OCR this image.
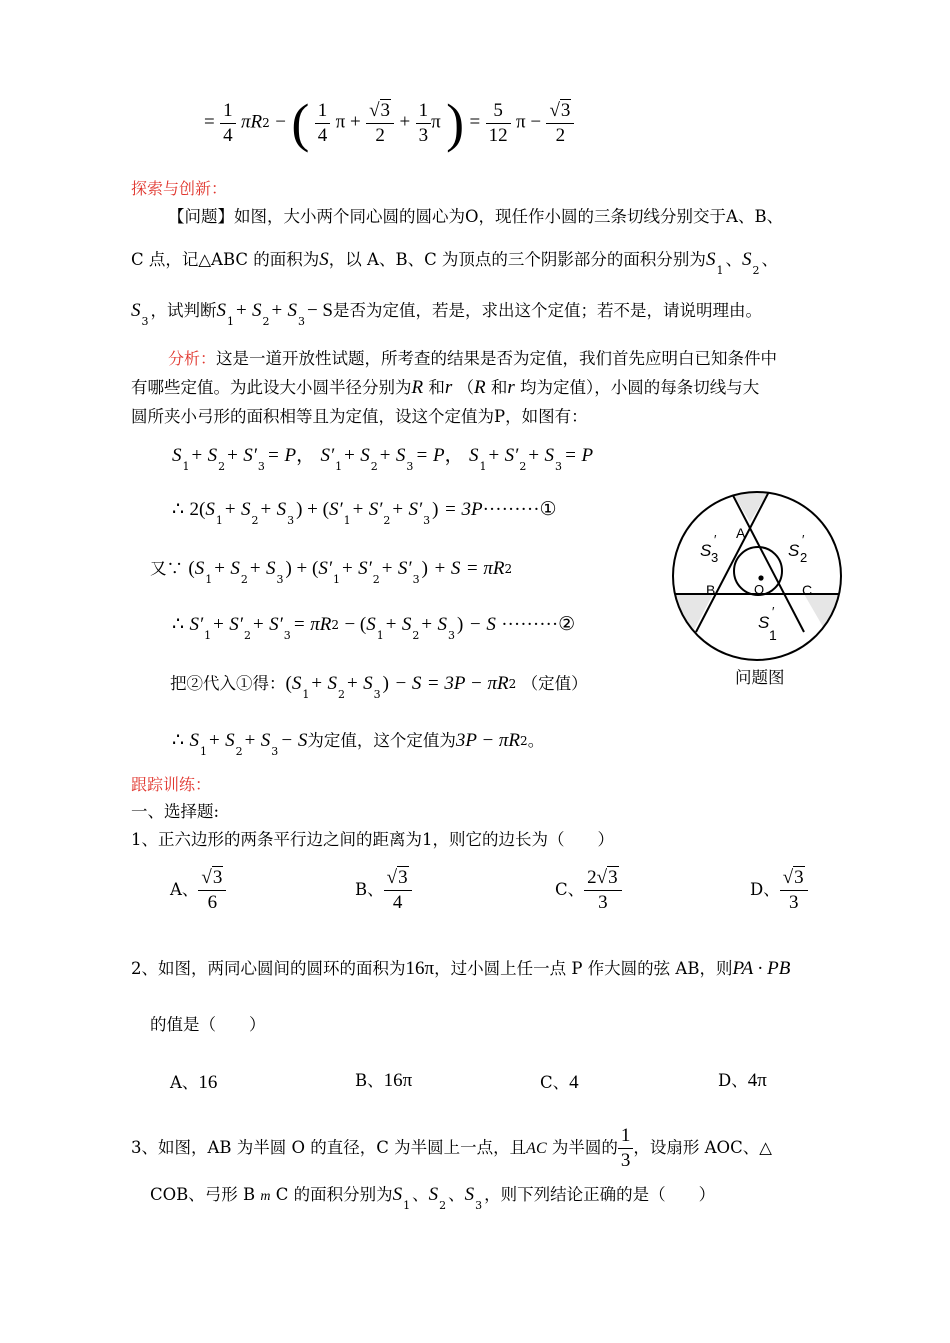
= $\frac{1}{4} \pi R2$ − ( $\frac{1}{4}$ $\pi + \frac{√3}{2} + \frac{1}{3}$ π ) = $\frac{5}{12}$ $\pi - \frac{√3}{2}$
探索与创新：
【问题】如图，大小两个同心圆的圆心为O，现任作小圆的三条切线分别交于A、B、
C 点，记△ABC 的面积为S，以 A、B、C 为顶点的三个阴影部分的面积分别为$S_1$、$S_2$、
$S_3$，试判断$S_1+ S_2+ S_3- S$是否为定值，若是，求出这个定值；若不是，请说明理由。
分析：这是一道开放性试题，所考查的结果是否为定值，我们首先应明白已知条件中
有哪些定值。为此设大小圆半径分别为R 和r （R 和r 均为定值），小圆的每条切线与大
圆所夹小弓形的面积相等且为定值，设这个定值为P，如图有：
$S_1+ S_2+ S'_3= P$， $S'_1+ S_2+ S_3= P$， $S_1+ S'_2+ S_3= P$
∴ $2(S_1+ S_2+ S_3) + (S'_1+ S'_2+ S'_3)$ = 3P·········①
又∵ $(S_1+ S_2+ S_3) + (S'_1+ S'_2+ S'_3) + S = \pi R2$
∴ $S'_1+ S'_2+ S'_3= \pi R2 - (S_1+ S_2+ S_3) - S$ ·········②
把②代入①得：$(S_1+ S_2+ S_3) - S = 3P - \pi R2$ （定值）
∴ $S_1+ S_2+ S_3- S$为定值，这个定值为3P − πR2。
A
B	C
O
S 3
′
S 2
′
S
1
′
问题图
跟踪训练：
一、选择题:
1、正六边形的两条平行边之间的距离为1，则它的边长为（　　）
A、 $\frac{√3}{6}$	B、 $\frac{√3}{4}$	C、 $\frac{2√3}{3}$	D、 $\frac{√3}{3}$
2、如图，两同心圆间的圆环的面积为16π，过小圆上任一点 P 作大圆的弦 AB，则PA · PB
的值是（　　）
A、16	B、16π	C、4	D、4π
3、如图，AB 为半圆 O 的直径，C 为半圆上一点，且AC 为半圆的 $\frac{1}{3}$ ，设扇形 AOC、△
COB、弓形 B m C 的面积分别为$S_1$、$S_2$、$S_3$，则下列结论正确的是（　　）
